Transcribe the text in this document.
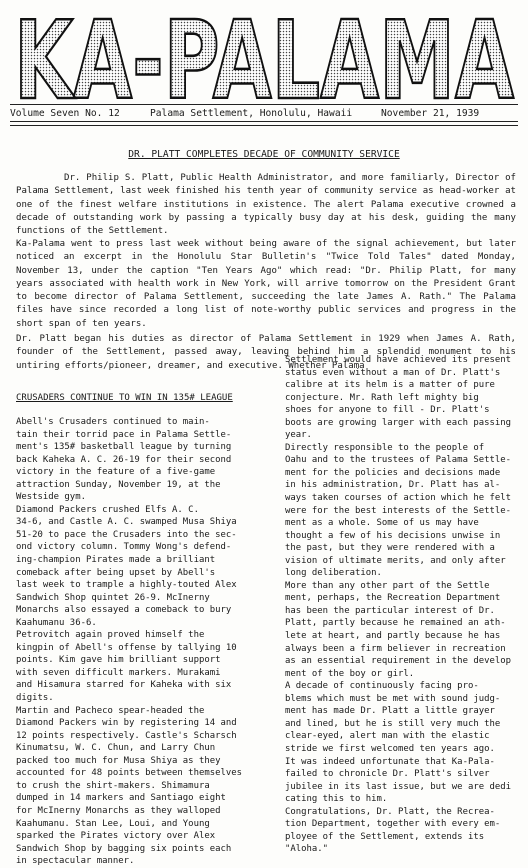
KA-PALAMA
Volume Seven No. 12	Palama Settlement, Honolulu, Hawaii	November 21, 1939
DR. PLATT COMPLETES DECADE OF COMMUNITY SERVICE
Dr. Philip S. Platt, Public Health Administrator, and more familiarly, Director of Palama Settlement, last week finished his tenth year of community service as head-worker at one of the finest welfare institutions in existence. The alert Palama executive crowned a decade of outstanding work by passing a typically busy day at his desk, guiding the many functions of the Settlement.
Ka-Palama went to press last week without being aware of the signal achievement, but later noticed an excerpt in the Honolulu Star Bulletin's "Twice Told Tales" dated Monday, November 13, under the caption "Ten Years Ago" which read: "Dr. Philip Platt, for many years associated with health work in New York, will arrive tomorrow on the President Grant to become director of Palama Settlement, succeeding the late James A. Rath." The Palama files have since recorded a long list of note-worthy public services and progress in the short span of ten years.
Dr. Platt began his duties as director of Palama Settlement in 1929 when James A. Rath, founder of the Settlement, passed away, leaving behind him a splendid monument to his untiring efforts/pioneer, dreamer, and executive. Whether Palama
CRUSADERS CONTINUE TO WIN IN 135# LEAGUE
Abell's Crusaders continued to main-
tain their torrid pace in Palama Settle-
ment's 135# basketball league by turning
back Kaheka A. C. 26-19 for their second
victory in the feature of a five-game
attraction Sunday, November 19, at the
Westside gym.
Diamond Packers crushed Elfs A. C.
34-6, and Castle A. C. swamped Musa Shiya
51-20 to pace the Crusaders into the sec-
ond victory column. Tommy Wong's defend-
ing-champion Pirates made a brilliant
comeback after being upset by Abell's
last week to trample a highly-touted Alex
Sandwich Shop quintet 26-9. McInerny
Monarchs also essayed a comeback to bury
Kaahumanu 36-6.
Petrovitch again proved himself the
kingpin of Abell's offense by tallying 10
points. Kim gave him brilliant support
with seven difficult markers. Murakami
and Hisamura starred for Kaheka with six
digits.
Martin and Pacheco spear-headed the
Diamond Packers win by registering 14 and
12 points respectively. Castle's Scharsch
Kinumatsu, W. C. Chun, and Larry Chun
packed too much for Musa Shiya as they
accounted for 48 points between themselves
to crush the shirt-makers. Shimamura
dumped in 14 markers and Santiago eight
for McInerny Monarchs as they walloped
Kaahumanu. Stan Lee, Loui, and Young
sparked the Pirates victory over Alex
Sandwich Shop by bagging six points each
in spectacular manner.
Settlement would have achieved its present
status even without a man of Dr. Platt's
calibre at its helm is a matter of pure
conjecture. Mr. Rath left mighty big
shoes for anyone to fill - Dr. Platt's
boots are growing larger with each passing
year.
Directly responsible to the people of
Oahu and to the trustees of Palama Settle-
ment for the policies and decisions made
in his administration, Dr. Platt has al-
ways taken courses of action which he felt
were for the best interests of the Settle-
ment as a whole. Some of us may have
thought a few of his decisions unwise in
the past, but they were rendered with a
vision of ultimate merits, and only after
long deliberation.
More than any other part of the Settle
ment, perhaps, the Recreation Department
has been the particular interest of Dr.
Platt, partly because he remained an ath-
lete at heart, and partly because he has
always been a firm believer in recreation
as an essential requirement in the develop
ment of the boy or girl.
A decade of continuously facing pro-
blems which must be met with sound judg-
ment has made Dr. Platt a little grayer
and lined, but he is still very much the
clear-eyed, alert man with the elastic
stride we first welcomed ten years ago.
It was indeed unfortunate that Ka-Pala-
failed to chronicle Dr. Platt's silver
jubilee in its last issue, but we are dedi
cating this to him.
Congratulations, Dr. Platt, the Recrea-
tion Department, together with every em-
ployee of the Settlement, extends its
"Aloha."
